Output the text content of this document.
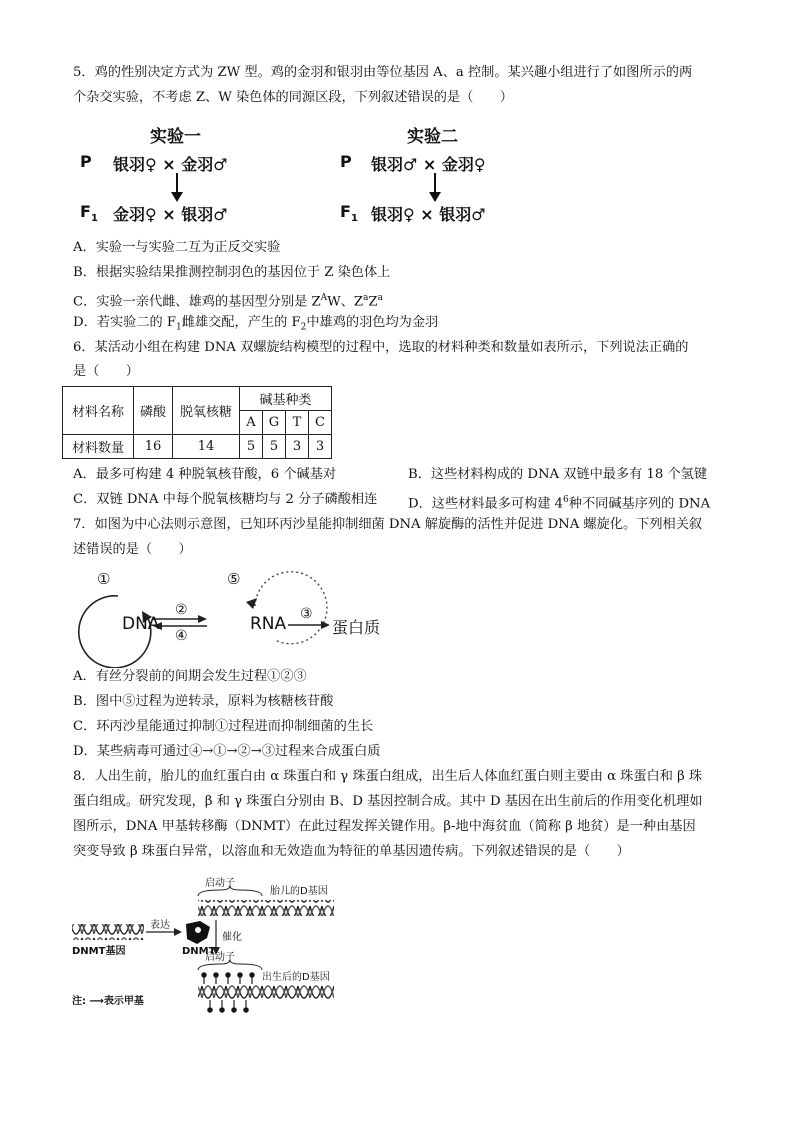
5．鸡的性别决定方式为 ZW 型。鸡的金羽和银羽由等位基因 A、a 控制。某兴趣小组进行了如图所示的两
个杂交实验，不考虑 Z、W 染色体的同源区段，下列叙述错误的是（　　）
实验一
P 银羽♀ × 金羽♂
$F_1$ 金羽♀ × 银羽♂
实验二
P 银羽♂ × 金羽♀
$F_1$ 银羽♀ × 银羽♂
A．实验一与实验二互为正反交实验
B．根据实验结果推测控制羽色的基因位于 Z 染色体上
C．实验一亲代雌、雄鸡的基因型分别是 $Z^AW$、$Z^aZ^a$
D．若实验二的 $F_1$雌雄交配，产生的 $F_2$中雄鸡的羽色均为金羽
6．某活动小组在构建 DNA 双螺旋结构模型的过程中，选取的材料种类和数量如表所示，下列说法正确的
是（　　）
材料名称	磷酸	脱氧核糖	碱基种类			
			A	G	T	C
材料数量	16	14	5	5	3	3
A．最多可构建 4 种脱氧核苷酸，6 个碱基对	B．这些材料构成的 DNA 双链中最多有 18 个氢键
C．双链 DNA 中每个脱氧核糖均与 2 分子磷酸相连 D．这些材料最多可构建 $4^6$种不同碱基序列的 DNA
7．如图为中心法则示意图，已知环丙沙星能抑制细菌 DNA 解旋酶的活性并促进 DNA 螺旋化。下列相关叙
述错误的是（　　）
①
②
④
⑤
③
DNA	RNA	蛋白质
A．有丝分裂前的间期会发生过程①②③
B．图中⑤过程为逆转录，原料为核糖核苷酸
C．环丙沙星能通过抑制①过程进而抑制细菌的生长
D．某些病毒可通过④→①→②→③过程来合成蛋白质
8．人出生前，胎儿的血红蛋白由 α 珠蛋白和 γ 珠蛋白组成，出生后人体血红蛋白则主要由 α 珠蛋白和 β 珠
蛋白组成。研究发现，β 和 γ 珠蛋白分别由 B、D 基因控制合成。其中 D 基因在出生前后的作用变化机理如
图所示，DNA 甲基转移酶（DNMT）在此过程发挥关键作用。β-地中海贫血（简称 β 地贫）是一种由基因
突变导致 β 珠蛋白异常，以溶血和无效造血为特征的单基因遗传病。下列叙述错误的是（　　）
启动子
胎儿的D基因
表达
DNMT基因	DNMT
催化
启动子
出生后的D基因
注: ⟶表示甲基
